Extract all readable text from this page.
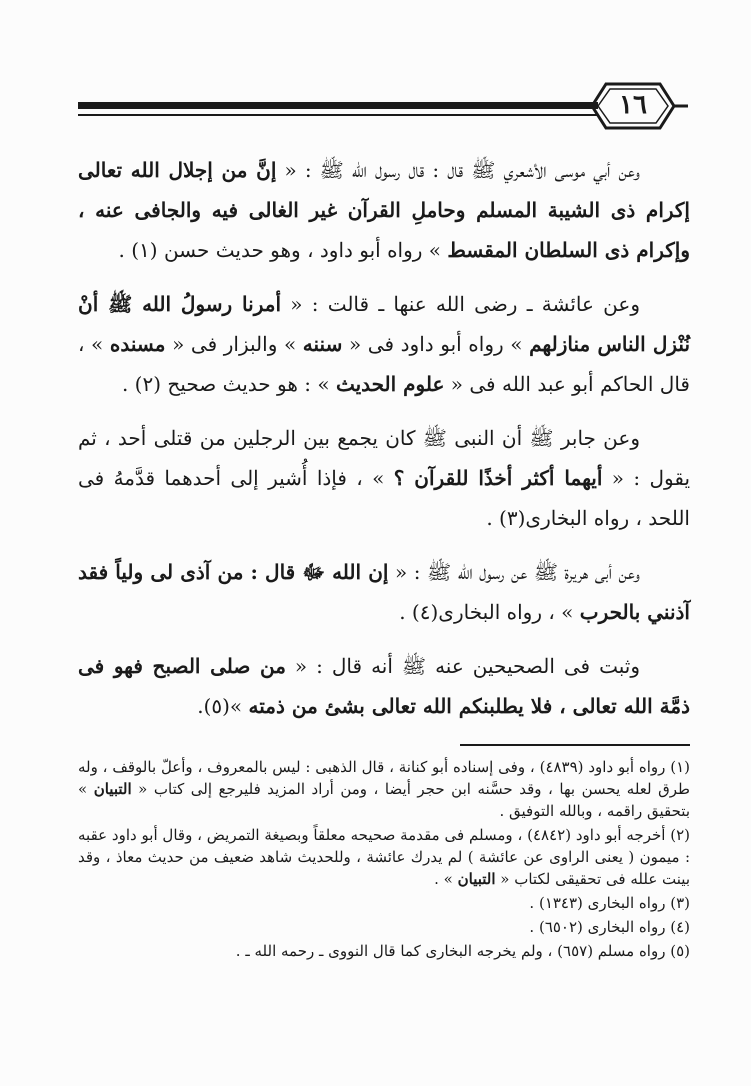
١٦

وعن أبي موسى الأشعري ﷺ قال : قال رسول الله ﷺ : « إنَّ من إجلال الله تعالى إكرام ذى الشيبة المسلم وحاملِ القرآن غير الغالى فيه والجافى عنه ، وإكرام ذى السلطان المقسط » رواه أبو داود ، وهو حديث حسن (١) .

وعن عائشة ـ رضى الله عنها ـ قالت : « أمرنا رسولُ الله ﷺ أنْ نُنْزل الناس منازلهم » رواه أبو داود فى « سننه » والبزار فى « مسنده » ، قال الحاكم أبو عبد الله فى « علوم الحديث » : هو حديث صحيح (٢) .

وعن جابر ﷺ أن النبى ﷺ كان يجمع بين الرجلين من قتلى أحد ، ثم يقول : « أيهما أكثر أخذًا للقرآن ؟ » ، فإذا أُشير إلى أحدهما قدَّمهُ فى اللحد ، رواه البخارى(٣) .

وعن أبى هريرة ﷺ عن رسول الله ﷺ : « إن الله ﷻ قال : من آذى لى ولياً فقد آذنني بالحرب » ، رواه البخارى(٤) .

وثبت فى الصحيحين عنه ﷺ أنه قال : « من صلى الصبح فهو فى ذمَّة الله تعالى ، فلا يطلبنكم الله تعالى بشئ من ذمته »(٥).

(١) رواه أبو داود (٤٨٣٩) ، وفى إسناده أبو كنانة ، قال الذهبى : ليس بالمعروف ، وأعلّ بالوقف ، وله طرق لعله يحسن بها ، وقد حسَّنه ابن حجر أيضا ، ومن أراد المزيد فليرجع إلى كتاب « التبيان » بتحقيق راقمه ، وبالله التوفيق .

(٢) أخرجه أبو داود (٤٨٤٢) ، ومسلم فى مقدمة صحيحه معلقاً وبصيغة التمريض ، وقال أبو داود عقبه : ميمون ( يعنى الراوى عن عائشة ) لم يدرك عائشة ، وللحديث شاهد ضعيف من حديث معاذ ، وقد بينت علله فى تحقيقى لكتاب « التبيان » .

(٣) رواه البخارى (١٣٤٣) .

(٤) رواه البخارى (٦٥٠٢) .

(٥) رواه مسلم (٦٥٧) ، ولم يخرجه البخارى كما قال النووى ـ رحمه الله ـ .
